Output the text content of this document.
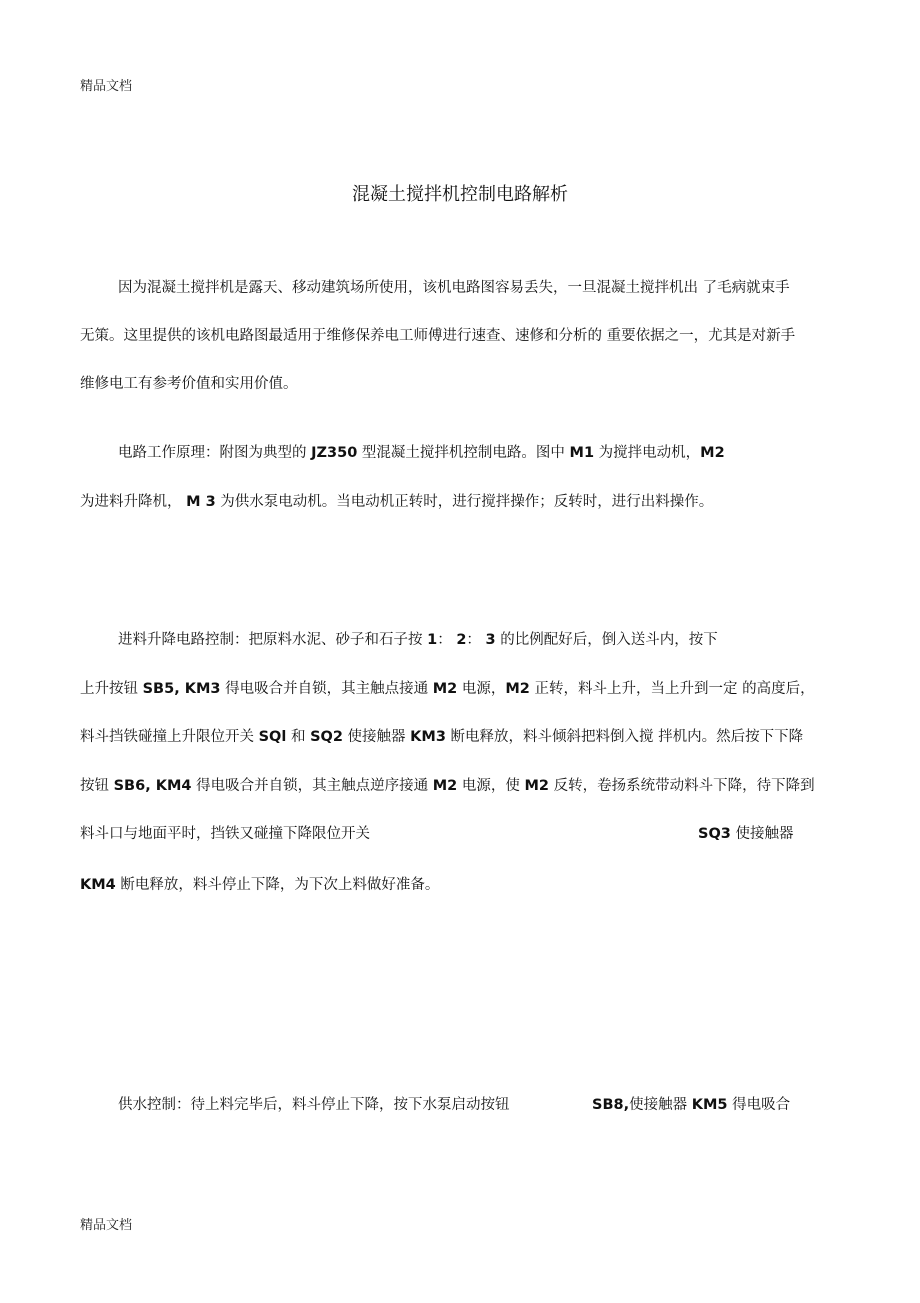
精品文档
混凝土搅拌机控制电路解析
因为混凝土搅拌机是露天、移动建筑场所使用，该机电路图容易丢失，一旦混凝土搅拌机出 了毛病就束手
无策。这里提供的该机电路图最适用于维修保养电工师傅进行速查、速修和分析的 重要依据之一，尤其是对新手
维修电工有参考价值和实用价值。
电路工作原理：附图为典型的 JZ350 型混凝土搅拌机控制电路。图中 M1 为搅拌电动机，M2
为进料升降机， M 3 为供水泵电动机。当电动机正转时，进行搅拌操作；反转时，进行出料操作。
进料升降电路控制：把原料水泥、砂子和石子按 1： 2： 3 的比例配好后，倒入送斗内，按下
上升按钮 SB5, KM3 得电吸合并自锁，其主触点接通 M2 电源，M2 正转，料斗上升，当上升到一定 的高度后，
料斗挡铁碰撞上升限位开关 SQl 和 SQ2 使接触器 KM3 断电释放，料斗倾斜把料倒入搅 拌机内。然后按下下降
按钮 SB6, KM4 得电吸合并自锁，其主触点逆序接通 M2 电源，使 M2 反转，卷扬系统带动料斗下降，待下降到
料斗口与地面平时，挡铁又碰撞下降限位开关	SQ3 使接触器
KM4 断电释放，料斗停止下降，为下次上料做好准备。
供水控制：待上料完毕后，料斗停止下降，按下水泵启动按钮	SB8,使接触器 KM5 得电吸合
精品文档
